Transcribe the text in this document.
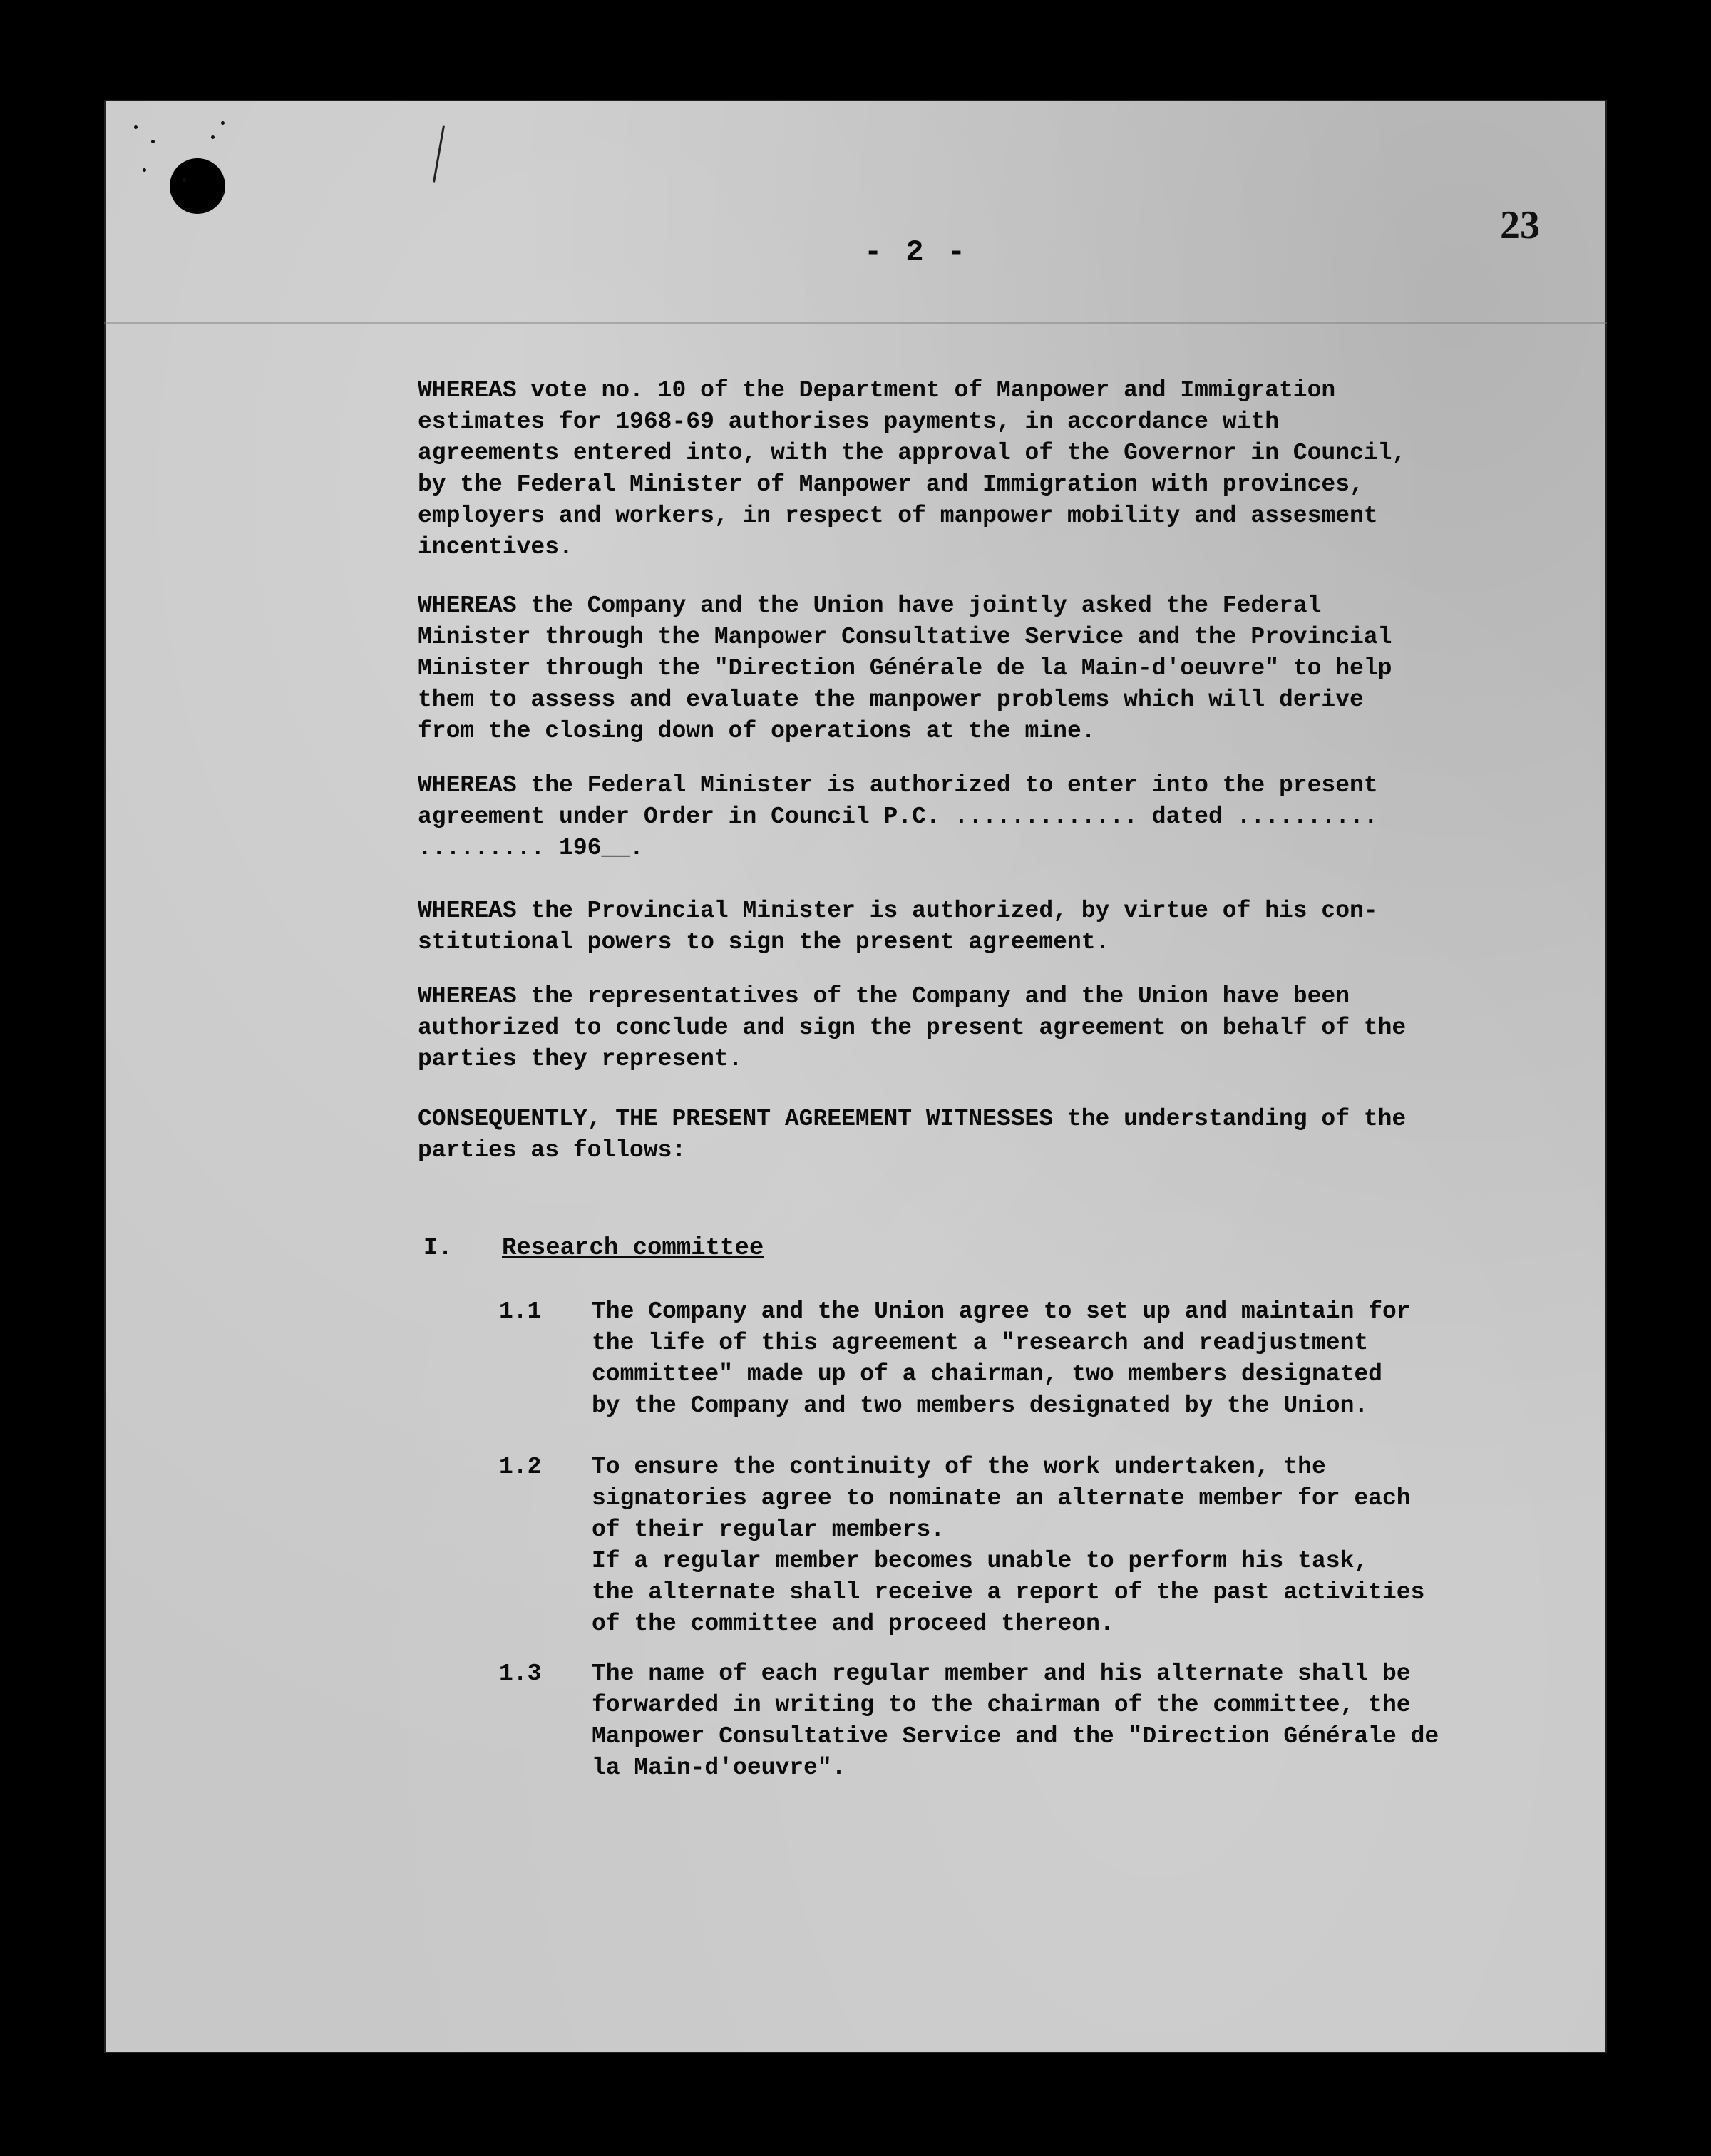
- 2 -
23

WHEREAS vote no. 10 of the Department of Manpower and Immigration
estimates for 1968-69 authorises payments, in accordance with
agreements entered into, with the approval of the Governor in Council,
by the Federal Minister of Manpower and Immigration with provinces,
employers and workers, in respect of manpower mobility and assesment
incentives.

WHEREAS the Company and the Union have jointly asked the Federal
Minister through the Manpower Consultative Service and the Provincial
Minister through the "Direction Générale de la Main-d'oeuvre" to help
them to assess and evaluate the manpower problems which will derive
from the closing down of operations at the mine.

WHEREAS the Federal Minister is authorized to enter into the present
agreement under Order in Council P.C. ............. dated ..........
......... 196__.

WHEREAS the Provincial Minister is authorized, by virtue of his con-
stitutional powers to sign the present agreement.

WHEREAS the representatives of the Company and the Union have been
authorized to conclude and sign the present agreement on behalf of the
parties they represent.

CONSEQUENTLY, THE PRESENT AGREEMENT WITNESSES the understanding of the
parties as follows:

I. Research committee
1.1 The Company and the Union agree to set up and maintain for
the life of this agreement a "research and readjustment
committee" made up of a chairman, two members designated
by the Company and two members designated by the Union.

1.2 To ensure the continuity of the work undertaken, the
signatories agree to nominate an alternate member for each
of their regular members.
If a regular member becomes unable to perform his task,
the alternate shall receive a report of the past activities
of the committee and proceed thereon.

1.3 The name of each regular member and his alternate shall be
forwarded in writing to the chairman of the committee, the
Manpower Consultative Service and the "Direction Générale de
la Main-d'oeuvre".
